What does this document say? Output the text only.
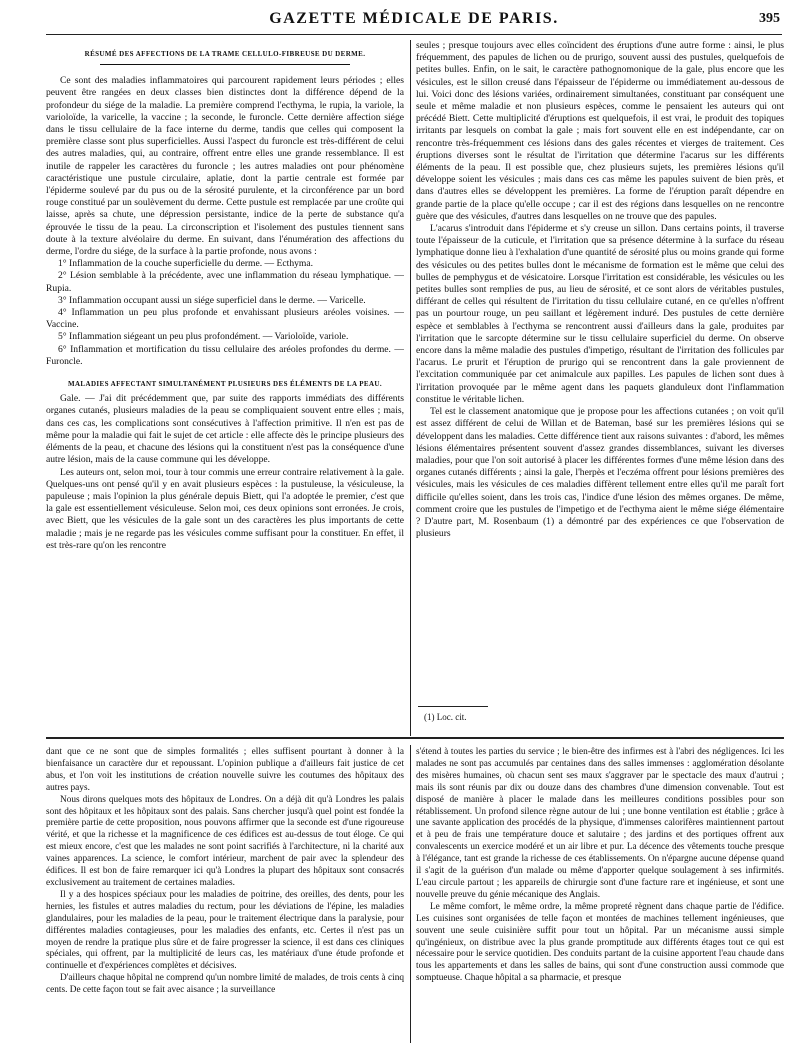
GAZETTE MÉDICALE DE PARIS.	395

RÉSUMÉ DES AFFECTIONS DE LA TRAME CELLULO-FIBREUSE DU DERME.

Ce sont des maladies inflammatoires qui parcourent rapidement leurs périodes ; elles peuvent être rangées en deux classes bien distinctes dont la différence dépend de la profondeur du siége de la maladie. La première comprend l'ecthyma, le rupia, la variole, la varioloïde, la varicelle, la vaccine ; la seconde, le furoncle. Cette dernière affection siége dans le tissu cellulaire de la face interne du derme, tandis que celles qui composent la première classe sont plus superficielles. Aussi l'aspect du furoncle est très-différent de celui des autres maladies, qui, au contraire, offrent entre elles une grande ressemblance. Il est inutile de rappeler les caractères du furoncle ; les autres maladies ont pour phénomène caractéristique une pustule circulaire, aplatie, dont la partie centrale est formée par l'épiderme soulevé par du pus ou de la sérosité purulente, et la circonférence par un bord rouge constitué par un soulèvement du derme. Cette pustule est remplacée par une croûte qui laisse, après sa chute, une dépression persistante, indice de la perte de substance qu'a éprouvée le tissu de la peau. La circonscription et l'isolement des pustules tiennent sans doute à la texture alvéolaire du derme. En suivant, dans l'énumération des affections du derme, l'ordre du siége, de la surface à la partie profonde, nous avons :

1° Inflammation de la couche superficielle du derme. — Ecthyma.

2° Lésion semblable à la précédente, avec une inflammation du réseau lymphatique. — Rupia.

3° Inflammation occupant aussi un siége superficiel dans le derme. — Varicelle.

4° Inflammation un peu plus profonde et envahissant plusieurs aréoles voisines. — Vaccine.

5° Inflammation siégeant un peu plus profondément. — Varioloïde, variole.

6° Inflammation et mortification du tissu cellulaire des aréoles profondes du derme. — Furoncle.

MALADIES AFFECTANT SIMULTANÉMENT PLUSIEURS DES ÉLÉMENTS DE LA PEAU.

Gale. — J'ai dit précédemment que, par suite des rapports immédiats des différents organes cutanés, plusieurs maladies de la peau se compliquaient souvent entre elles ; mais, dans ces cas, les complications sont consécutives à l'affection primitive. Il n'en est pas de même pour la maladie qui fait le sujet de cet article : elle affecte dès le principe plusieurs des éléments de la peau, et chacune des lésions qui la constituent n'est pas la conséquence d'une autre lésion, mais de la cause commune qui les développe.

Les auteurs ont, selon moi, tour à tour commis une erreur contraire relativement à la gale. Quelques-uns ont pensé qu'il y en avait plusieurs espèces : la pustuleuse, la vésiculeuse, la papuleuse ; mais l'opinion la plus générale depuis Biett, qui l'a adoptée le premier, c'est que la gale est essentiellement vésiculeuse. Selon moi, ces deux opinions sont erronées. Je crois, avec Biett, que les vésicules de la gale sont un des caractères les plus importants de cette maladie ; mais je ne regarde pas les vésicules comme suffisant pour la constituer. En effet, il est très-rare qu'on les rencontre

seules ; presque toujours avec elles coïncident des éruptions d'une autre forme : ainsi, le plus fréquemment, des papules de lichen ou de prurigo, souvent aussi des pustules, quelquefois de petites bulles. Enfin, on le sait, le caractère pathognomonique de la gale, plus encore que les vésicules, est le sillon creusé dans l'épaisseur de l'épiderme ou immédiatement au-dessous de lui. Voici donc des lésions variées, ordinairement simultanées, constituant par conséquent une seule et même maladie et non plusieurs espèces, comme le pensaient les auteurs qui ont précédé Biett. Cette multiplicité d'éruptions est quelquefois, il est vrai, le produit des topiques irritants par lesquels on combat la gale ; mais fort souvent elle en est indépendante, car on rencontre très-fréquemment ces lésions dans des gales récentes et vierges de traitement. Ces éruptions diverses sont le résultat de l'irritation que détermine l'acarus sur les différents éléments de la peau. Il est possible que, chez plusieurs sujets, les premières lésions qu'il développe soient les vésicules ; mais dans ces cas même les papules suivent de bien près, et dans d'autres elles se développent les premières. La forme de l'éruption paraît dépendre en grande partie de la place qu'elle occupe ; car il est des régions dans lesquelles on ne rencontre guère que des vésicules, d'autres dans lesquelles on ne trouve que des papules.

L'acarus s'introduit dans l'épiderme et s'y creuse un sillon. Dans certains points, il traverse toute l'épaisseur de la cuticule, et l'irritation que sa présence détermine à la surface du réseau lymphatique donne lieu à l'exhalation d'une quantité de sérosité plus ou moins grande qui forme des vésicules ou des petites bulles dont le mécanisme de formation est le même que celui des bulles de pemphygus et de vésicatoire. Lorsque l'irritation est considérable, les vésicules ou les petites bulles sont remplies de pus, au lieu de sérosité, et ce sont alors de véritables pustules, différant de celles qui résultent de l'irritation du tissu cellulaire cutané, en ce qu'elles n'offrent pas un pourtour rouge, un peu saillant et légèrement induré. Des pustules de cette dernière espèce et semblables à l'ecthyma se rencontrent aussi d'ailleurs dans la gale, produites par l'irritation que le sarcopte détermine sur le tissu cellulaire superficiel du derme. On observe encore dans la même maladie des pustules d'impetigo, résultant de l'irritation des follicules par l'acarus. Le prurit et l'éruption de prurigo qui se rencontrent dans la gale proviennent de l'excitation communiquée par cet animalcule aux papilles. Les papules de lichen sont dues à l'irritation provoquée par le même agent dans les paquets glanduleux dont l'inflammation constitue le véritable lichen.

Tel est le classement anatomique que je propose pour les affections cutanées ; on voit qu'il est assez différent de celui de Willan et de Bateman, basé sur les premières lésions qui se développent dans les maladies. Cette différence tient aux raisons suivantes : d'abord, les mêmes lésions élémentaires présentent souvent d'assez grandes dissemblances, suivant les diverses maladies, pour que l'on soit autorisé à placer les différentes formes d'une même lésion dans des organes cutanés différents ; ainsi la gale, l'herpès et l'eczéma offrent pour lésions premières des vésicules, mais les vésicules de ces maladies diffèrent tellement entre elles qu'il me paraît fort difficile qu'elles soient, dans les trois cas, l'indice d'une lésion des mêmes organes. De même, comment croire que les pustules de l'impetigo et de l'ecthyma aient le même siége élémentaire ? D'autre part, M. Rosenbaum (1) a démontré par des expériences ce que l'observation de plusieurs

(1) Loc. cit.

dant que ce ne sont que de simples formalités ; elles suffisent pourtant à donner à la bienfaisance un caractère dur et repoussant. L'opinion publique a d'ailleurs fait justice de cet abus, et l'on voit les institutions de création nouvelle suivre les coutumes des hôpitaux des autres pays.

Nous dirons quelques mots des hôpitaux de Londres. On a déjà dit qu'à Londres les palais sont des hôpitaux et les hôpitaux sont des palais. Sans chercher jusqu'à quel point est fondée la première partie de cette proposition, nous pouvons affirmer que la seconde est d'une rigoureuse vérité, et que la richesse et la magnificence de ces édifices est au-dessus de tout éloge. Ce qui est mieux encore, c'est que les malades ne sont point sacrifiés à l'architecture, ni la charité aux vaines apparences. La science, le comfort intérieur, marchent de pair avec la splendeur des édifices. Il est bon de faire remarquer ici qu'à Londres la plupart des hôpitaux sont consacrés exclusivement au traitement de certaines maladies.

Il y a des hospices spéciaux pour les maladies de poitrine, des oreilles, des dents, pour les hernies, les fistules et autres maladies du rectum, pour les déviations de l'épine, les maladies glandulaires, pour les maladies de la peau, pour le traitement électrique dans la paralysie, pour différentes maladies contagieuses, pour les maladies des enfants, etc. Certes il n'est pas un moyen de rendre la pratique plus sûre et de faire progresser la science, il est dans ces cliniques spéciales, qui offrent, par la multiplicité de leurs cas, les matériaux d'une étude profonde et continuelle et d'expériences complètes et décisives.

D'ailleurs chaque hôpital ne comprend qu'un nombre limité de malades, de trois cents à cinq cents. De cette façon tout se fait avec aisance ; la surveillance

s'étend à toutes les parties du service ; le bien-être des infirmes est à l'abri des négligences. Ici les malades ne sont pas accumulés par centaines dans des salles immenses : agglomération désolante des misères humaines, où chacun sent ses maux s'aggraver par le spectacle des maux d'autrui ; mais ils sont réunis par dix ou douze dans des chambres d'une dimension convenable. Tout est disposé de manière à placer le malade dans les meilleures conditions possibles pour son rétablissement. Un profond silence règne autour de lui ; une bonne ventilation est établie ; grâce à une savante application des procédés de la physique, d'immenses calorifères maintiennent partout et à peu de frais une température douce et salutaire ; des jardins et des portiques offrent aux convalescents un exercice modéré et un air libre et pur. La décence des vêtements touche presque à l'élégance, tant est grande la richesse de ces établissements. On n'épargne aucune dépense quand il s'agit de la guérison d'un malade ou même d'apporter quelque soulagement à ses infirmités. L'eau circule partout ; les appareils de chirurgie sont d'une facture rare et ingénieuse, et sont une nouvelle preuve du génie mécanique des Anglais.

Le même comfort, le même ordre, la même propreté règnent dans chaque partie de l'édifice. Les cuisines sont organisées de telle façon et montées de machines tellement ingénieuses, que souvent une seule cuisinière suffit pour tout un hôpital. Par un mécanisme aussi simple qu'ingénieux, on distribue avec la plus grande promptitude aux différents étages tout ce qui est nécessaire pour le service quotidien. Des conduits partant de la cuisine apportent l'eau chaude dans tous les appartements et dans les salles de bains, qui sont d'une construction aussi commode que somptueuse. Chaque hôpital a sa pharmacie, et presque
